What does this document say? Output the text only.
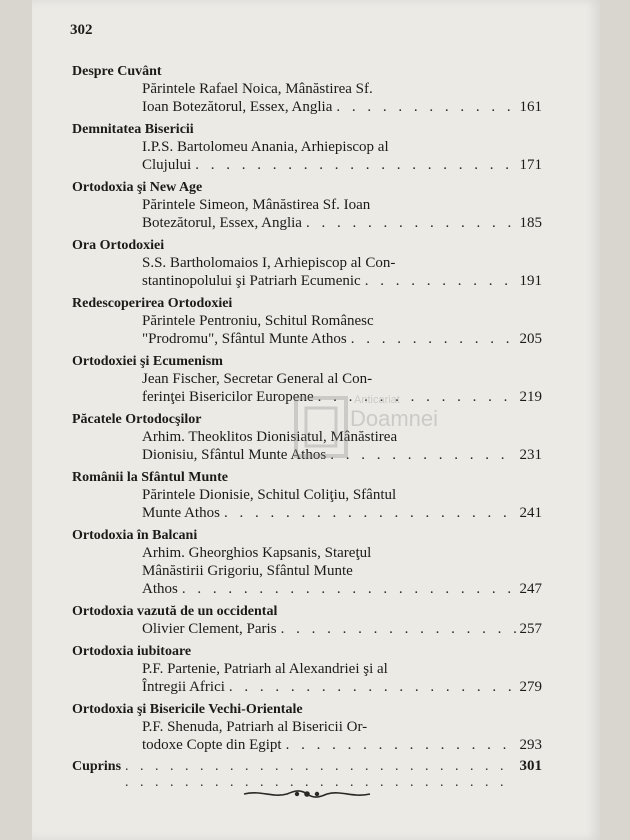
302
Despre Cuvânt
Părintele Rafael Noica, Mânăstirea Sf.
Ioan Botezătorul, Essex, Anglia . . .	161
Demnitatea Bisericii
I.P.S. Bartolomeu Anania, Arhiepiscop al
Clujului . . .	171
Ortodoxia şi New Age
Părintele Simeon, Mânăstirea Sf. Ioan
Botezătorul, Essex, Anglia . . .	185
Ora Ortodoxiei
S.S. Bartholomaios I, Arhiepiscop al Con-
stantinopolului şi Patriarh Ecumenic . . .	191
Redescoperirea Ortodoxiei
Părintele Pentroniu, Schitul Românesc
"Prodromu", Sfântul Munte Athos . . .	205
Ortodoxiei şi Ecumenism
Jean Fischer, Secretar General al Con-
ferinţei Bisericilor Europene . . .	219
Păcatele Ortodocşilor
Arhim. Theoklitos Dionisiatul, Mânăstirea
Dionisiu, Sfântul Munte Athos . . .	231
Românii la Sfântul Munte
Părintele Dionisie, Schitul Coliţiu, Sfântul
Munte Athos . . .	241
Ortodoxia în Balcani
Arhim. Gheorghios Kapsanis, Stareţul
Mânăstirii Grigoriu, Sfântul Munte
Athos . . .	247
Ortodoxia vazută de un occidental
Olivier Clement, Paris . . .	257
Ortodoxia iubitoare
P.F. Partenie, Patriarh al Alexandriei şi al
Întregii Africi . . .	279
Ortodoxia şi Bisericile Vechi-Orientale
P.F. Shenuda, Patriarh al Bisericii Or-
todoxe Copte din Egipt . . .	293
Cuprins . . .	301
Anticariat
Doamnei
